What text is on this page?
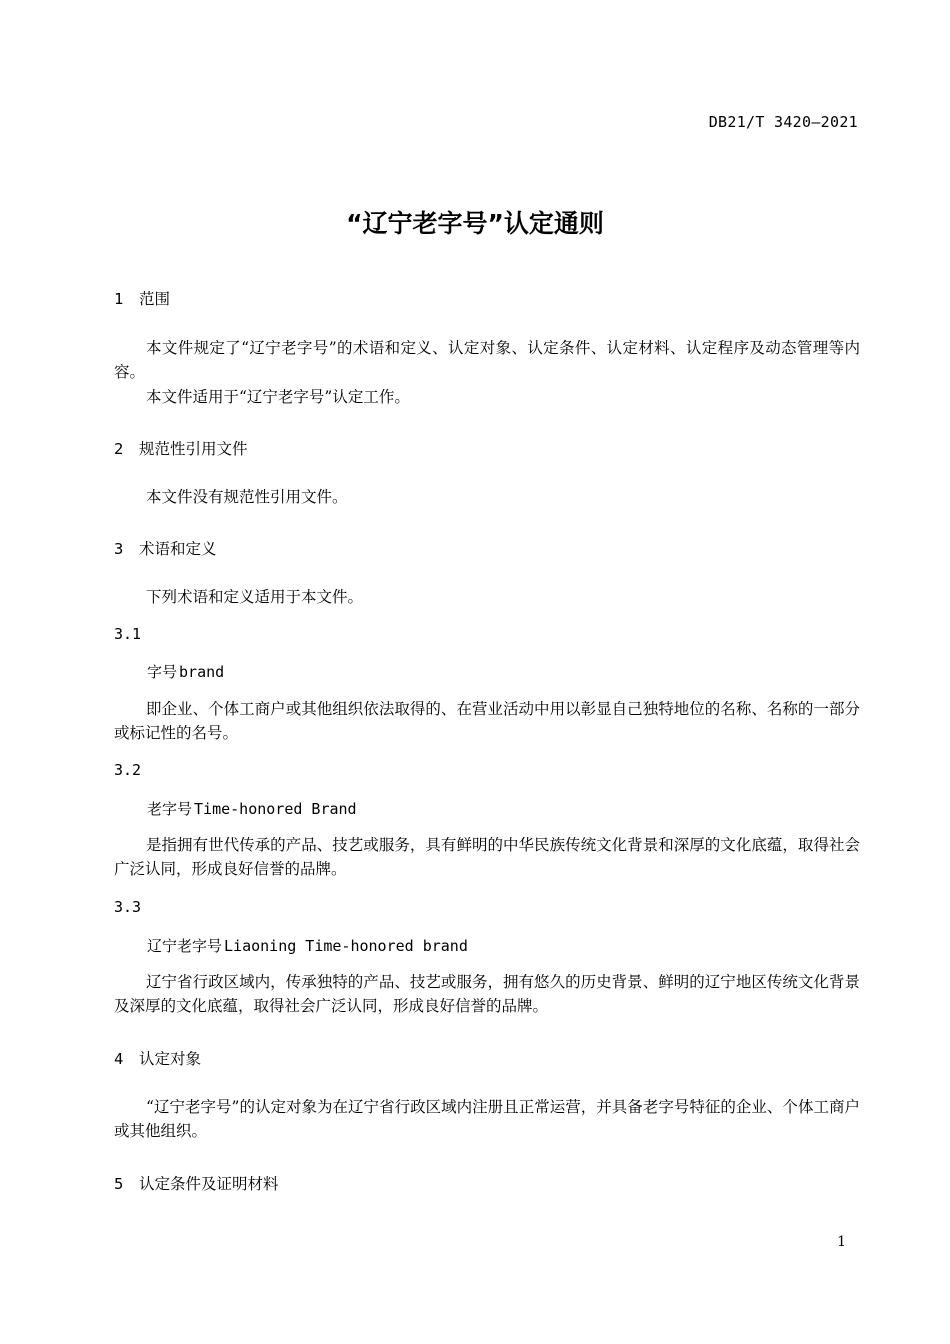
DB21/T 3420—2021
“辽宁老字号”认定通则
1 范围
本文件规定了“辽宁老字号”的术语和定义、认定对象、认定条件、认定材料、认定程序及动态管理等内容。
本文件适用于“辽宁老字号”认定工作。
2 规范性引用文件
本文件没有规范性引用文件。
3 术语和定义
下列术语和定义适用于本文件。
3.1
字号 brand
即企业、个体工商户或其他组织依法取得的、在营业活动中用以彰显自己独特地位的名称、名称的一部分或标记性的名号。
3.2
老字号 Time-honored Brand
是指拥有世代传承的产品、技艺或服务，具有鲜明的中华民族传统文化背景和深厚的文化底蕴，取得社会广泛认同，形成良好信誉的品牌。
3.3
辽宁老字号 Liaoning Time-honored brand
辽宁省行政区域内，传承独特的产品、技艺或服务，拥有悠久的历史背景、鲜明的辽宁地区传统文化背景及深厚的文化底蕴，取得社会广泛认同，形成良好信誉的品牌。
4 认定对象
“辽宁老字号”的认定对象为在辽宁省行政区域内注册且正常运营，并具备老字号特征的企业、个体工商户或其他组织。
5 认定条件及证明材料
1
